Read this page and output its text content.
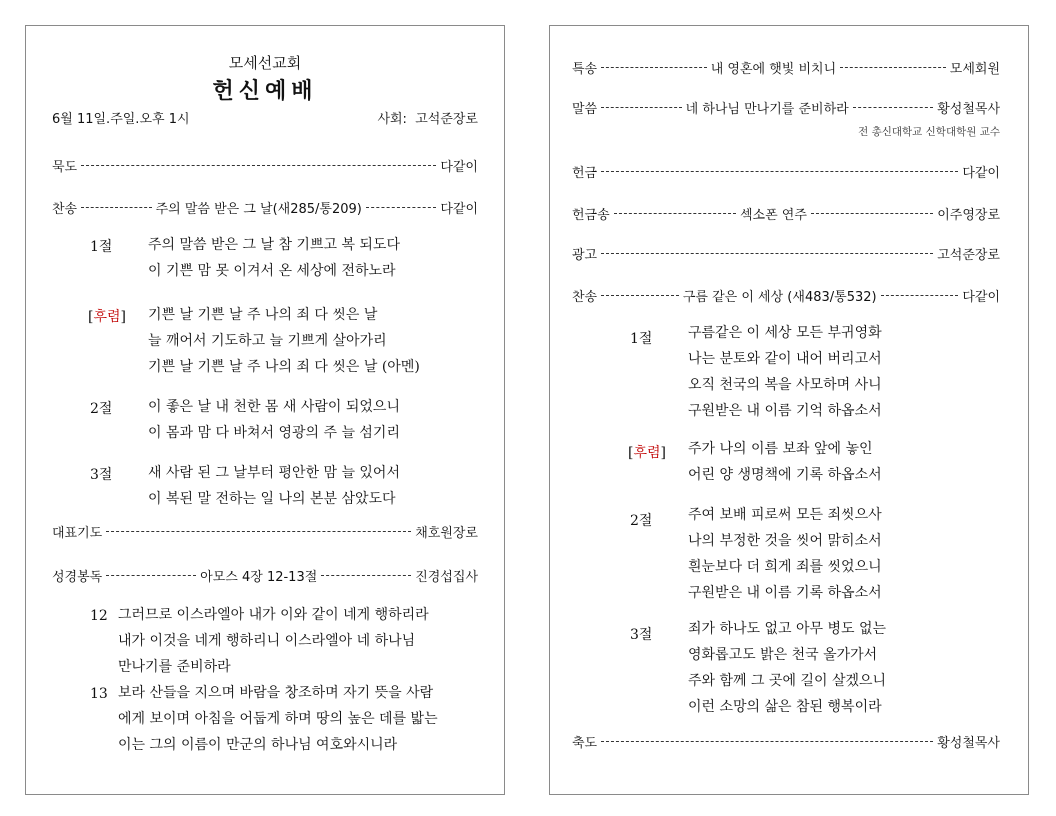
모세선교회
헌신예배
6월 11일.주일.오후 1시	사회: 고석준장로
묵도	다같이
찬송	주의 말씀 받은 그 날(새285/통209)	다같이
1절	주의 말씀 받은 그 날 참 기쁘고 복 되도다
이 기쁜 맘 못 이겨서 온 세상에 전하노라
[후렴] 기쁜 날 기쁜 날 주 나의 죄 다 씻은 날
늘 깨어서 기도하고 늘 기쁘게 살아가리
기쁜 날 기쁜 날 주 나의 죄 다 씻은 날 (아멘)
2절	이 좋은 날 내 천한 몸 새 사람이 되었으니
이 몸과 맘 다 바쳐서 영광의 주 늘 섬기리
3절	새 사람 된 그 날부터 평안한 맘 늘 있어서
이 복된 말 전하는 일 나의 본분 삼았도다
대표기도	채호원장로
성경봉독	아모스 4장 12-13절	진경섭집사
12 그러므로 이스라엘아 내가 이와 같이 네게 행하리라
내가 이것을 네게 행하리니 이스라엘아 네 하나님
만나기를 준비하라
13 보라 산들을 지으며 바람을 창조하며 자기 뜻을 사람
에게 보이며 아침을 어둡게 하며 땅의 높은 데를 밟는
이는 그의 이름이 만군의 하나님 여호와시니라
특송	내 영혼에 햇빛 비치니	모세회원
말씀	네 하나님 만나기를 준비하라	황성철목사
전 총신대학교 신학대학원 교수
헌금	다같이
헌금송	섹소폰 연주	이주영장로
광고	고석준장로
찬송	구름 같은 이 세상 (새483/통532)	다같이
1절	구름같은 이 세상 모든 부귀영화
나는 분토와 같이 내어 버리고서
오직 천국의 복을 사모하며 사니
구원받은 내 이름 기억 하옵소서
[후렴] 주가 나의 이름 보좌 앞에 놓인
어린 양 생명책에 기록 하옵소서
2절	주여 보배 피로써 모든 죄씻으사
나의 부정한 것을 씻어 맑히소서
흰눈보다 더 희게 죄를 씻었으니
구원받은 내 이름 기록 하옵소서
3절	죄가 하나도 없고 아무 병도 없는
영화롭고도 밝은 천국 올가가서
주와 함께 그 곳에 길이 살겠으니
이런 소망의 삶은 참된 행복이라
축도	황성철목사
